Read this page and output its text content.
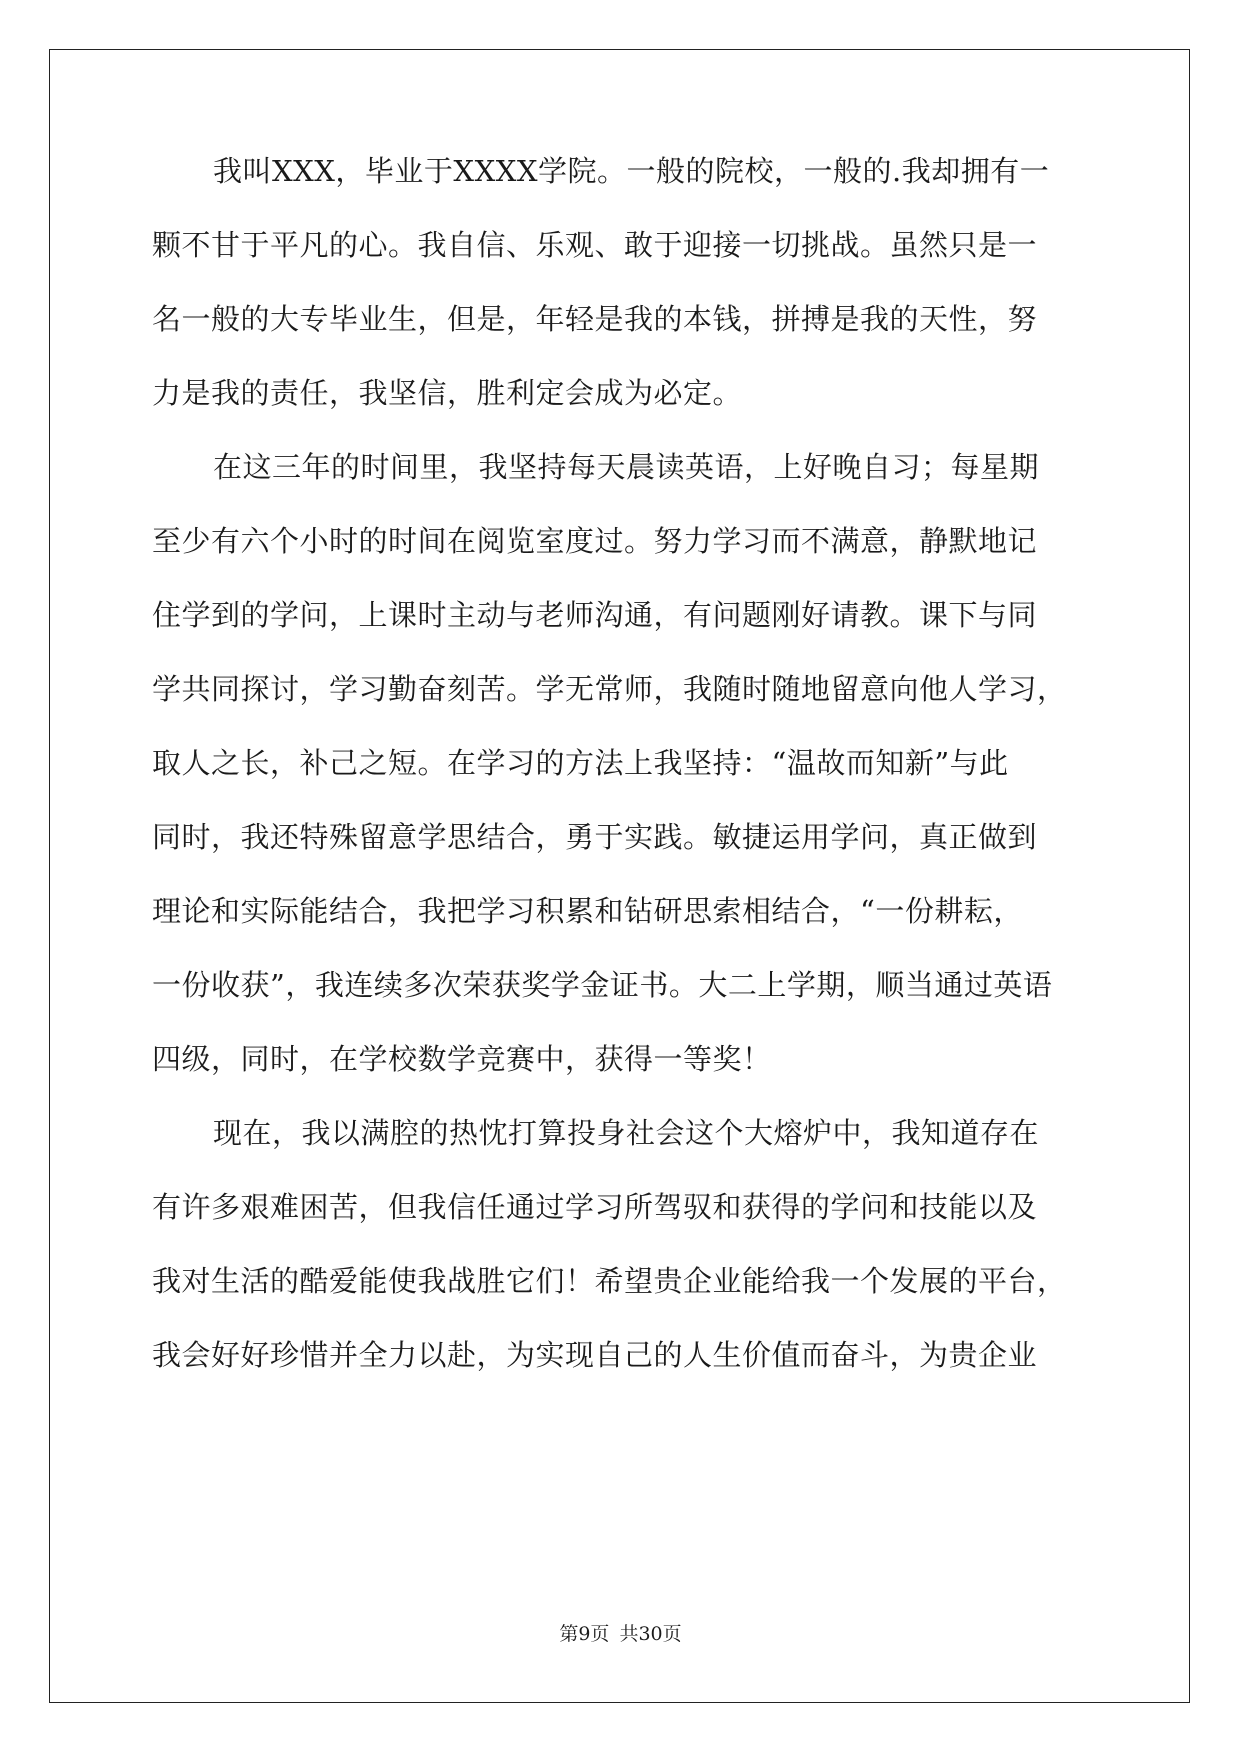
我叫XXX，毕业于XXXX学院。一般的院校，一般的.我却拥有一
颗不甘于平凡的心。我自信、乐观、敢于迎接一切挑战。虽然只是一
名一般的大专毕业生，但是，年轻是我的本钱，拼搏是我的天性，努
力是我的责任，我坚信，胜利定会成为必定。
在这三年的时间里，我坚持每天晨读英语，上好晚自习；每星期
至少有六个小时的时间在阅览室度过。努力学习而不满意，静默地记
住学到的学问，上课时主动与老师沟通，有问题刚好请教。课下与同
学共同探讨，学习勤奋刻苦。学无常师，我随时随地留意向他人学习，
取人之长，补己之短。在学习的方法上我坚持：“温故而知新”与此
同时，我还特殊留意学思结合，勇于实践。敏捷运用学问，真正做到
理论和实际能结合，我把学习积累和钻研思索相结合，“一份耕耘，
一份收获”，我连续多次荣获奖学金证书。大二上学期，顺当通过英语
四级，同时，在学校数学竞赛中，获得一等奖！
现在，我以满腔的热忱打算投身社会这个大熔炉中，我知道存在
有许多艰难困苦，但我信任通过学习所驾驭和获得的学问和技能以及
我对生活的酷爱能使我战胜它们！希望贵企业能给我一个发展的平台，
我会好好珍惜并全力以赴，为实现自己的人生价值而奋斗，为贵企业
第9页 共30页
